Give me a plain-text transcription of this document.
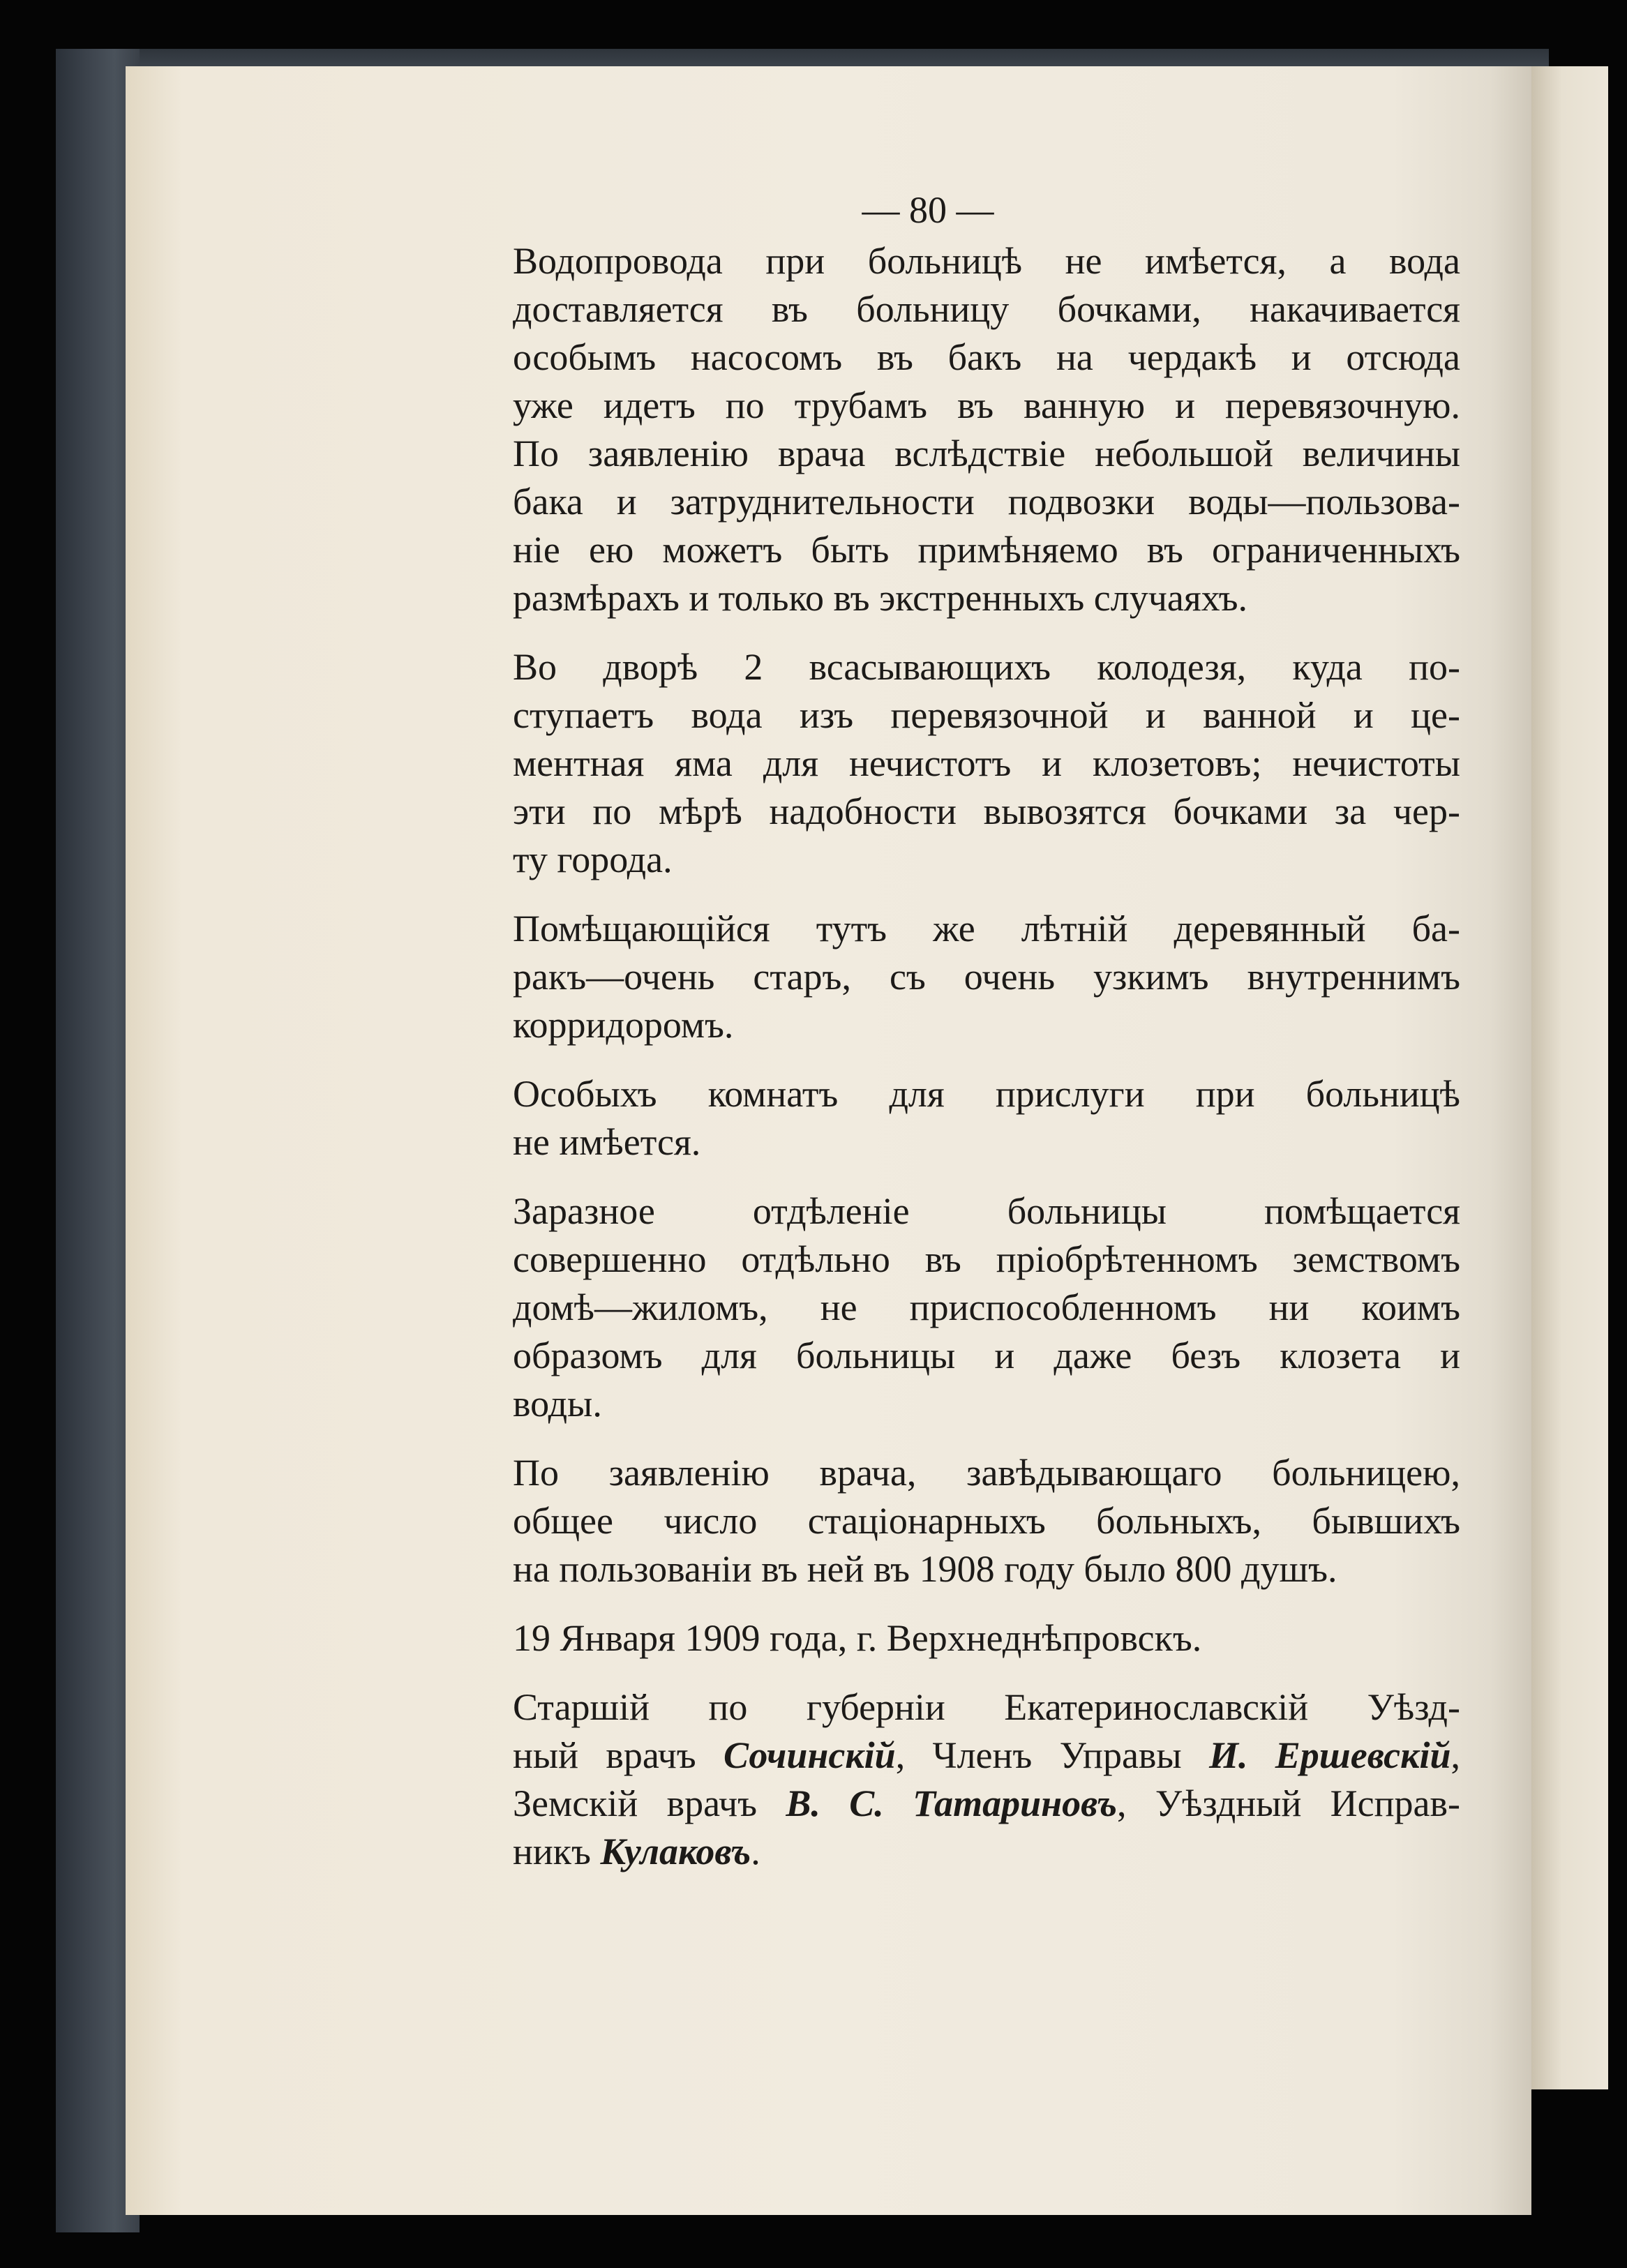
— 80 —
Водопровода при больницѣ не имѣется, а вода
доставляется въ больницу бочками, накачивается
особымъ насосомъ въ бакъ на чердакѣ и отсюда
уже идетъ по трубамъ въ ванную и перевязочную.
По заявленію врача вслѣдствіе небольшой величины
бака и затруднительности подвозки воды—пользова-
ніе ею можетъ быть примѣняемо въ ограниченныхъ
размѣрахъ и только въ экстренныхъ случаяхъ.
Во дворѣ 2 всасывающихъ колодезя, куда по-
ступаетъ вода изъ перевязочной и ванной и це-
ментная яма для нечистотъ и клозетовъ; нечистоты
эти по мѣрѣ надобности вывозятся бочками за чер-
ту города.
Помѣщающійся тутъ же лѣтній деревянный ба-
ракъ—очень старъ, съ очень узкимъ внутреннимъ
корридоромъ.
Особыхъ комнатъ для прислуги при больницѣ
не имѣется.
Заразное отдѣленіе больницы помѣщается
совершенно отдѣльно въ пріобрѣтенномъ земствомъ
домѣ—жиломъ, не приспособленномъ ни коимъ
образомъ для больницы и даже безъ клозета и
воды.
По заявленію врача, завѣдывающаго больницею,
общее число стаціонарныхъ больныхъ, бывшихъ
на пользованіи въ ней въ 1908 году было 800 душъ.
19 Января 1909 года, г. Верхнеднѣпровскъ.
Старшій по губерніи Екатеринославскій Уѣзд-
ный врачъ Сочинскій, Членъ Управы И. Ершевскій,
Земскій врачъ В. С. Татариновъ, Уѣздный Исправ-
никъ Кулаковъ.
